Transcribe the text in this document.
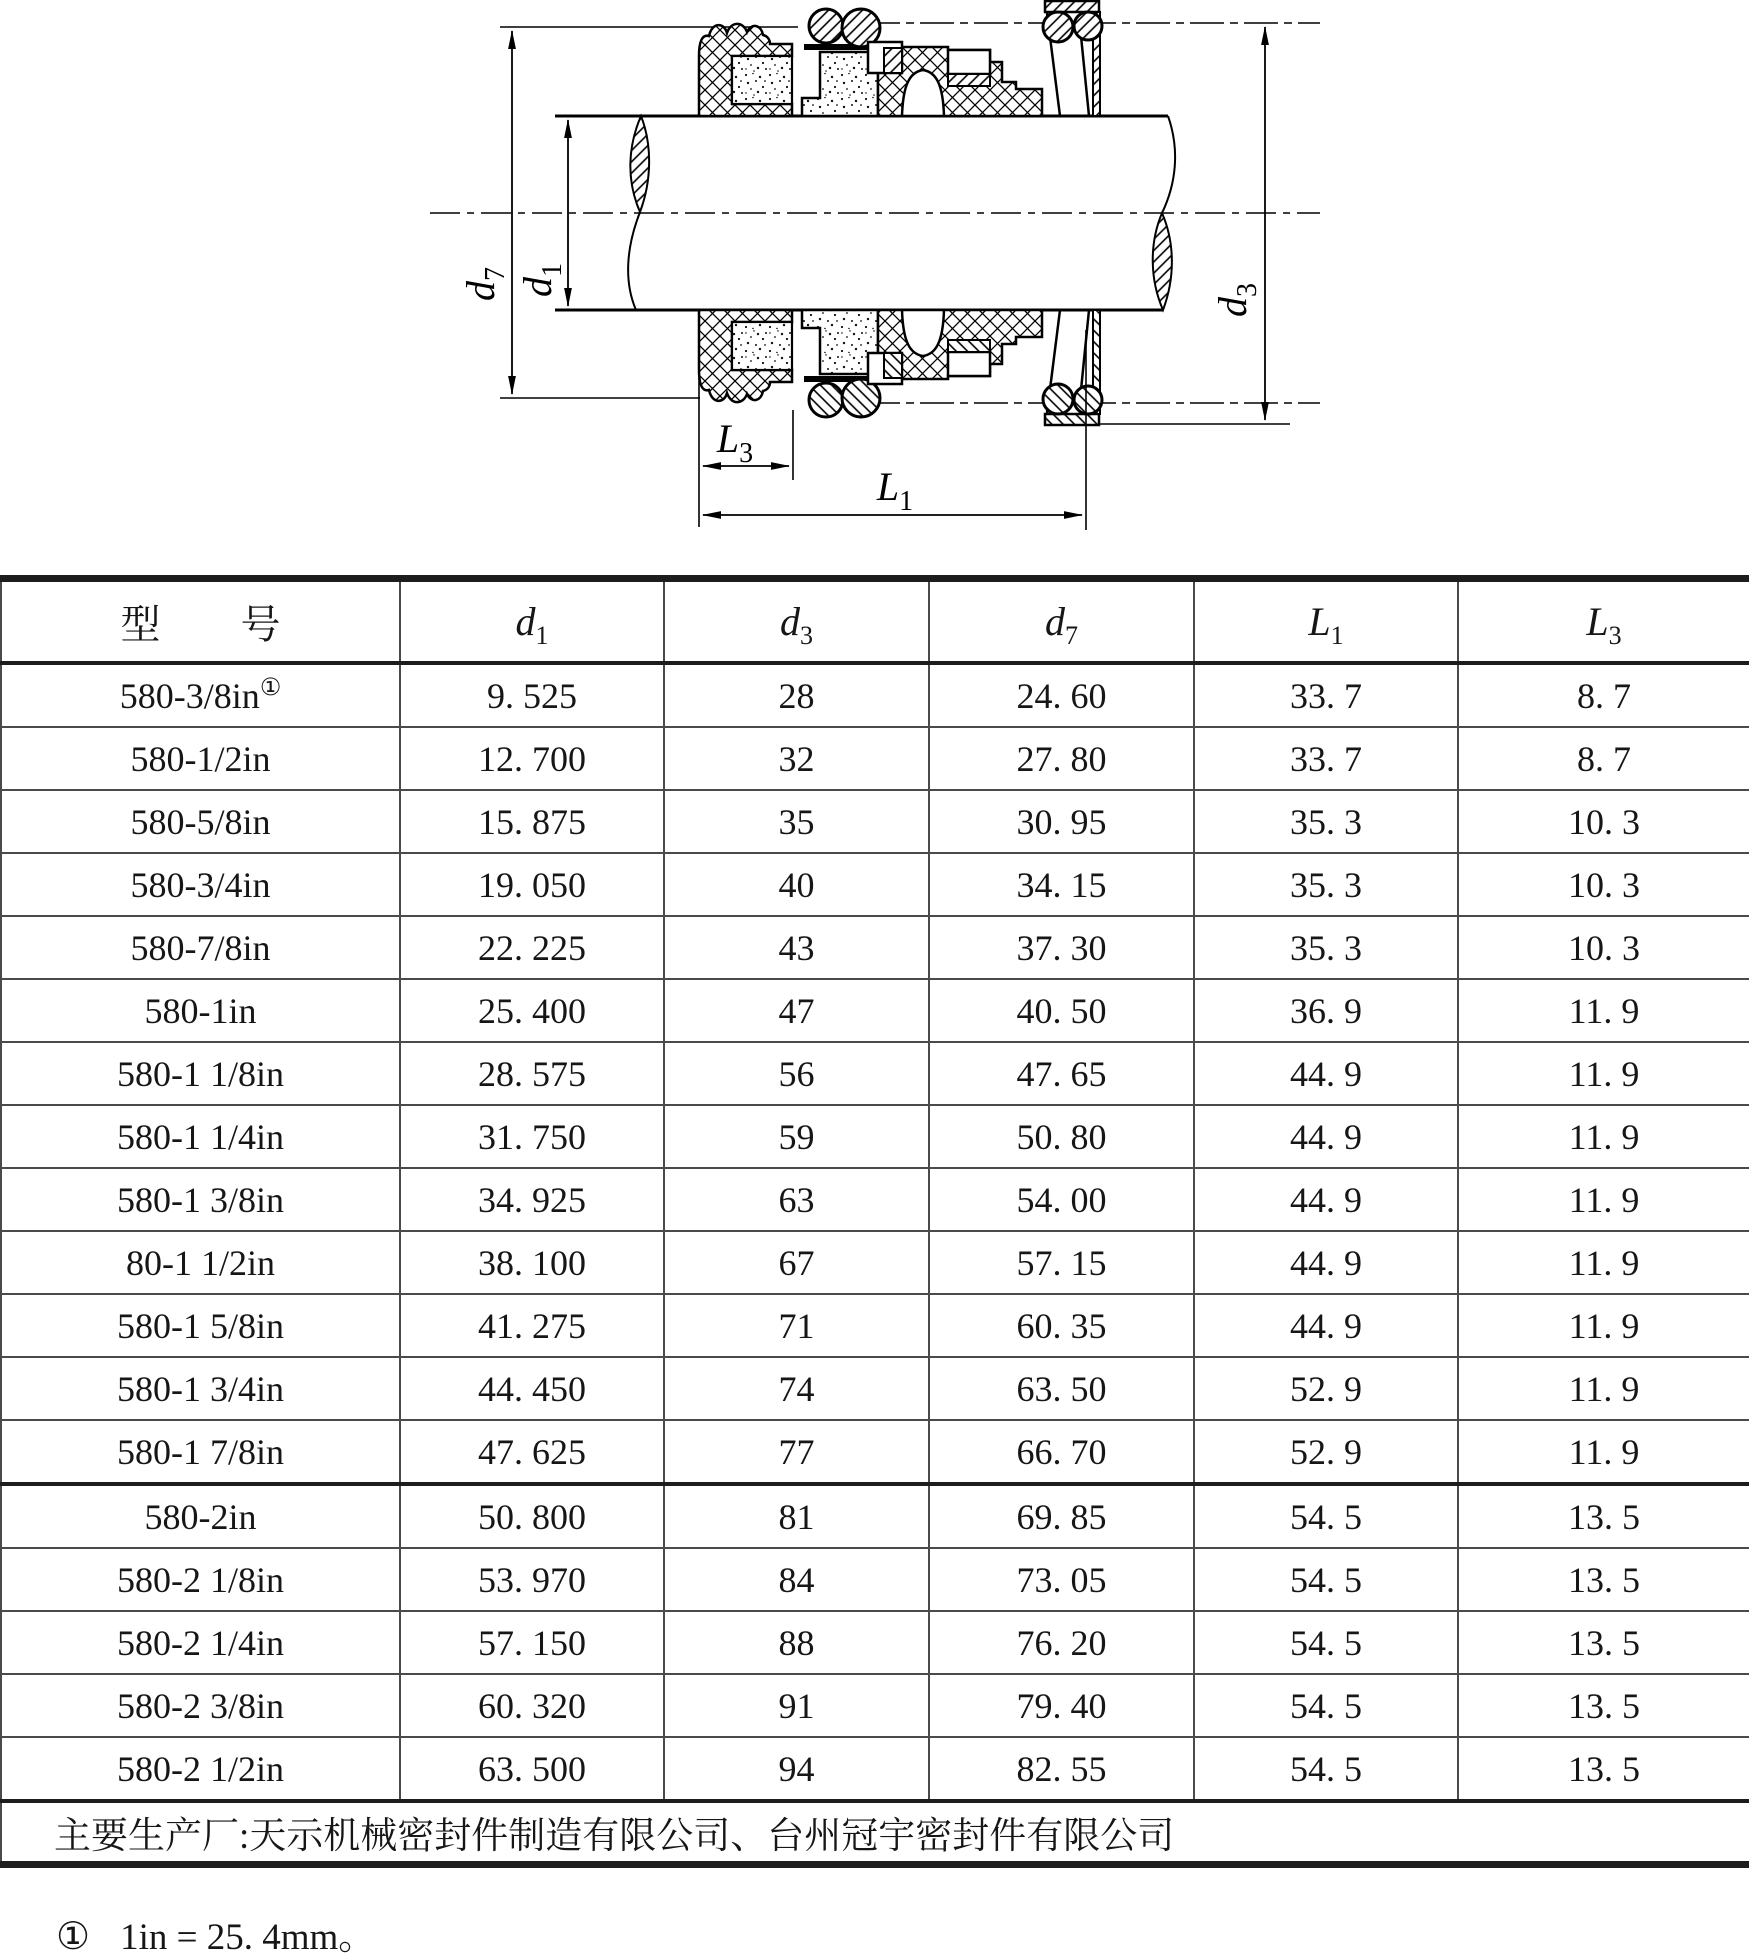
d7
d1
d3
L3
L1
型　　号	$d_1$	$d_3$	$d_7$	$L_1$	$L_3$
580-3/8in①	9. 525	28	24. 60	33. 7	8. 7
580-1/2in	12. 700	32	27. 80	33. 7	8. 7
580-5/8in	15. 875	35	30. 95	35. 3	10. 3
580-3/4in	19. 050	40	34. 15	35. 3	10. 3
580-7/8in	22. 225	43	37. 30	35. 3	10. 3
580-1in	25. 400	47	40. 50	36. 9	11. 9
580-1 1/8in	28. 575	56	47. 65	44. 9	11. 9
580-1 1/4in	31. 750	59	50. 80	44. 9	11. 9
580-1 3/8in	34. 925	63	54. 00	44. 9	11. 9
80-1 1/2in	38. 100	67	57. 15	44. 9	11. 9
580-1 5/8in	41. 275	71	60. 35	44. 9	11. 9
580-1 3/4in	44. 450	74	63. 50	52. 9	11. 9
580-1 7/8in	47. 625	77	66. 70	52. 9	11. 9
580-2in	50. 800	81	69. 85	54. 5	13. 5
580-2 1/8in	53. 970	84	73. 05	54. 5	13. 5
580-2 1/4in	57. 150	88	76. 20	54. 5	13. 5
580-2 3/8in	60. 320	91	79. 40	54. 5	13. 5
580-2 1/2in	63. 500	94	82. 55	54. 5	13. 5
主要生产厂:天示机械密封件制造有限公司、台州冠宇密封件有限公司					
① 1in = 25. 4mm。
